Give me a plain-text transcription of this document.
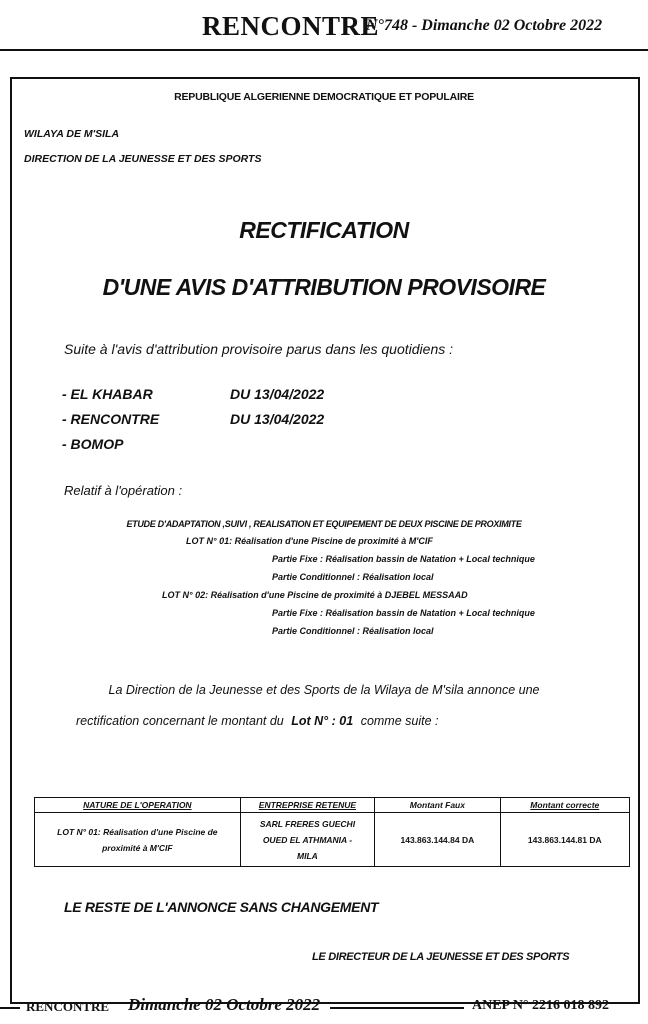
RENCONTRE
N°748 - Dimanche 02 Octobre 2022
REPUBLIQUE ALGERIENNE DEMOCRATIQUE ET POPULAIRE
WILAYA DE M'SILA
DIRECTION DE LA JEUNESSE ET DES SPORTS
RECTIFICATION
D'UNE AVIS D'ATTRIBUTION PROVISOIRE
Suite à l'avis d'attribution provisoire parus dans les quotidiens :
- EL KHABAR	DU 13/04/2022
- RENCONTRE	DU 13/04/2022
- BOMOP
Relatif à l'opération :
ETUDE D'ADAPTATION ,SUIVI , REALISATION ET EQUIPEMENT DE DEUX PISCINE DE PROXIMITE
LOT N° 01: Réalisation d'une Piscine de proximité à M'CIF
Partie Fixe : Réalisation bassin de Natation + Local technique
Partie Conditionnel : Réalisation local
LOT N° 02: Réalisation d'une Piscine de proximité à DJEBEL MESSAAD
Partie Fixe : Réalisation bassin de Natation + Local technique
Partie Conditionnel : Réalisation local
La Direction de la Jeunesse et des Sports de la Wilaya de M'sila annonce une
rectification concernant le montant du Lot N° : 01 comme suite :
NATURE DE L'OPERATION	ENTREPRISE RETENUE	Montant Faux	Montant correcte
LOT N° 01: Réalisation d'une Piscine de proximité à M'CIF	SARL FRERES GUECHI OUED EL ATHMANIA - MILA	143.863.144.84 DA	143.863.144.81 DA
LE RESTE DE L'ANNONCE SANS CHANGEMENT
LE DIRECTEUR DE LA JEUNESSE ET DES SPORTS
RENCONTRE Dimanche 02 Octobre 2022	ANEP N° 2216 018 892
